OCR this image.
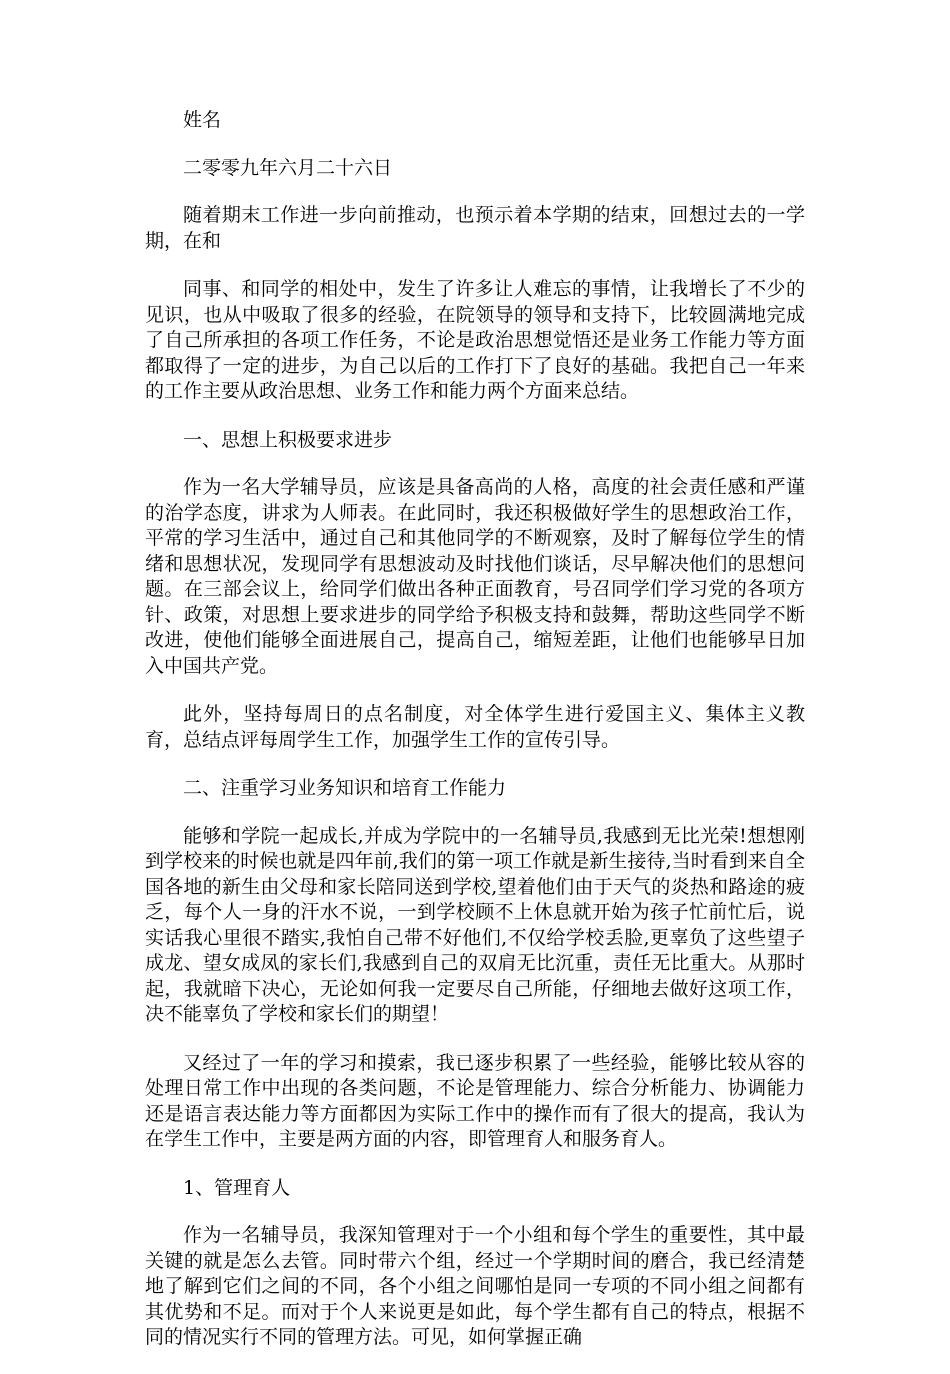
姓名

二零零九年六月二十六日

随着期末工作进一步向前推动，也预示着本学期的结束，回想过去的一学期，在和

同事、和同学的相处中，发生了许多让人难忘的事情，让我增长了不少的见识，也从中吸取了很多的经验，在院领导的领导和支持下，比较圆满地完成了自己所承担的各项工作任务，不论是政治思想觉悟还是业务工作能力等方面都取得了一定的进步，为自己以后的工作打下了良好的基础。我把自己一年来的工作主要从政治思想、业务工作和能力两个方面来总结。

一、思想上积极要求进步

作为一名大学辅导员，应该是具备高尚的人格，高度的社会责任感和严谨的治学态度，讲求为人师表。在此同时，我还积极做好学生的思想政治工作，平常的学习生活中，通过自己和其他同学的不断观察，及时了解每位学生的情绪和思想状况，发现同学有思想波动及时找他们谈话，尽早解决他们的思想问题。在三部会议上，给同学们做出各种正面教育，号召同学们学习党的各项方针、政策，对思想上要求进步的同学给予积极支持和鼓舞，帮助这些同学不断改进，使他们能够全面进展自己，提高自己，缩短差距，让他们也能够早日加入中国共产党。

此外，坚持每周日的点名制度，对全体学生进行爱国主义、集体主义教育，总结点评每周学生工作，加强学生工作的宣传引导。

二、注重学习业务知识和培育工作能力

能够和学院一起成长,并成为学院中的一名辅导员,我感到无比光荣!想想刚到学校来的时候也就是四年前,我们的第一项工作就是新生接待,当时看到来自全国各地的新生由父母和家长陪同送到学校,望着他们由于天气的炎热和路途的疲乏，每个人一身的汗水不说，一到学校顾不上休息就开始为孩子忙前忙后，说实话我心里很不踏实,我怕自己带不好他们,不仅给学校丢脸,更辜负了这些望子成龙、望女成凤的家长们,我感到自己的双肩无比沉重，责任无比重大。从那时起，我就暗下决心，无论如何我一定要尽自己所能，仔细地去做好这项工作，决不能辜负了学校和家长们的期望！

又经过了一年的学习和摸索，我已逐步积累了一些经验，能够比较从容的处理日常工作中出现的各类问题，不论是管理能力、综合分析能力、协调能力还是语言表达能力等方面都因为实际工作中的操作而有了很大的提高，我认为在学生工作中，主要是两方面的内容，即管理育人和服务育人。

1、管理育人

作为一名辅导员，我深知管理对于一个小组和每个学生的重要性，其中最关键的就是怎么去管。同时带六个组，经过一个学期时间的磨合，我已经清楚地了解到它们之间的不同，各个小组之间哪怕是同一专项的不同小组之间都有其优势和不足。而对于个人来说更是如此，每个学生都有自己的特点，根据不同的情况实行不同的管理方法。可见，如何掌握正确
